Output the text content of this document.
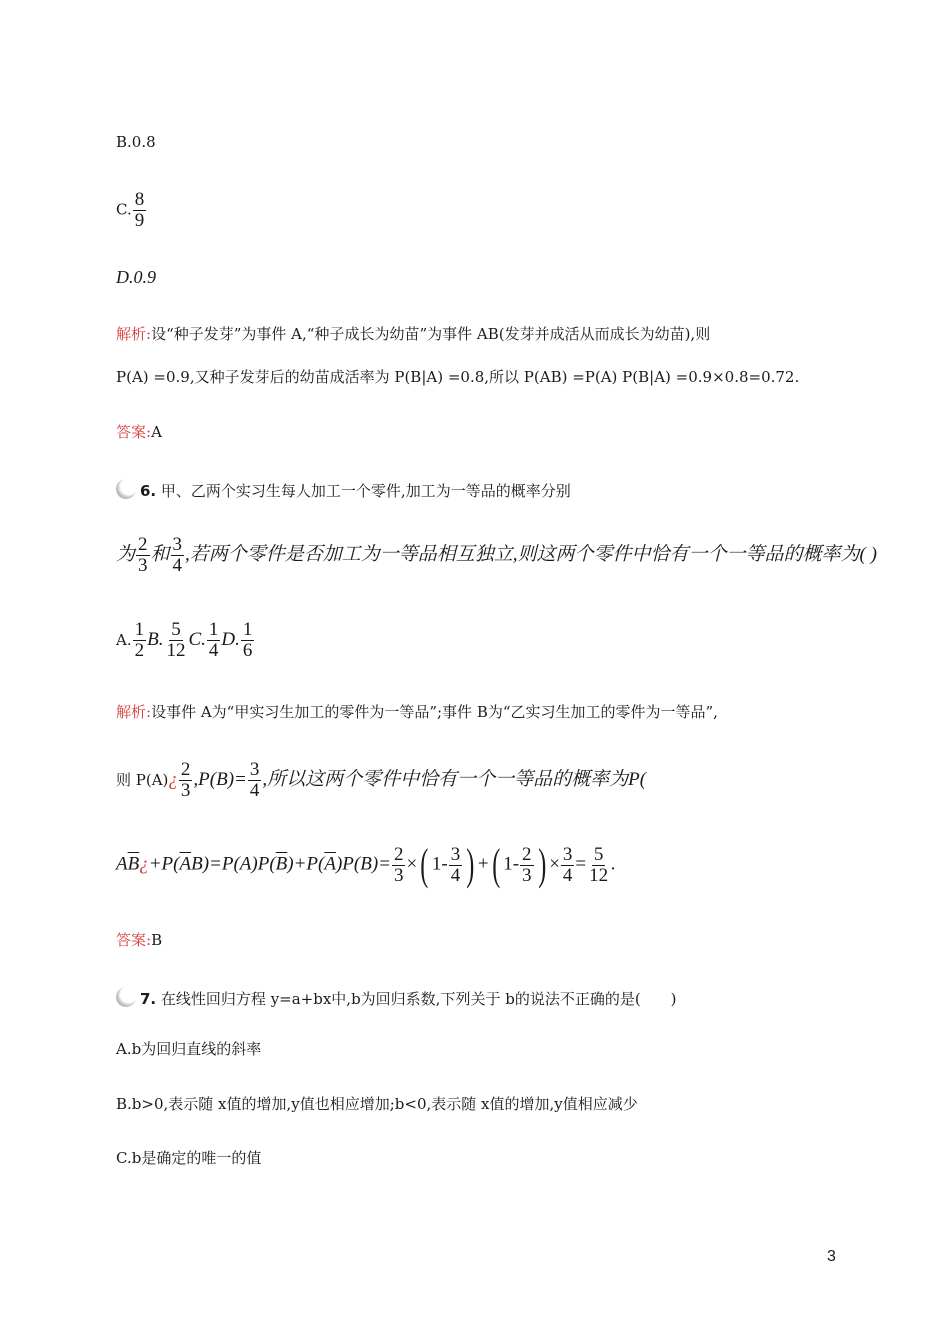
B.0.8
C. $\frac{8}{9}$
D.0.9
解析:设“种子发芽”为事件 A,“种子成长为幼苗”为事件 AB(发芽并成活从而成长为幼苗),则
P(A) =0.9,又种子发芽后的幼苗成活率为 P(B|A) =0.8,所以 P(AB) =P(A) P(B|A) =0.9×0.8=0.72.
答案:A
6. 甲、乙两个实习生每人加工一个零件,加工为一等品的概率分别
为 $\frac{2}{3}$ 和 $\frac{3}{4}$ ,若两个零件是否加工为一等品相互独立,则这两个零件中恰有一个一等品的概率为( )
A. $\frac{1}{2} B$. $\frac{5}{12} C$. $\frac{1}{4} D$. $\frac{1}{6}$
解析:设事件 A为“甲实习生加工的零件为一等品”;事件 B为“乙实习生加工的零件为一等品”,
则 P(A)¿ $\frac{2}{3} ,P(B)= \frac{3}{4}$ ,所以这两个零件中恰有一个一等品的概率为P(
$A\overline{B}¿+P(\overline{A}B)=P(A)P(\overline{B})+P(\overline{A})P(B)= \frac{2}{3}$ ×( $1- \frac{3}{4}$ ) +( $1- \frac{2}{3}$ ) × $\frac{3}{4} = \frac{5}{12}$ .
答案:B
7. 在线性回归方程 y=a+bx中,b为回归系数,下列关于 b的说法不正确的是(　　)
A.b为回归直线的斜率
B.b>0,表示随 x值的增加,y值也相应增加;b<0,表示随 x值的增加,y值相应减少
C.b是确定的唯一的值
3
